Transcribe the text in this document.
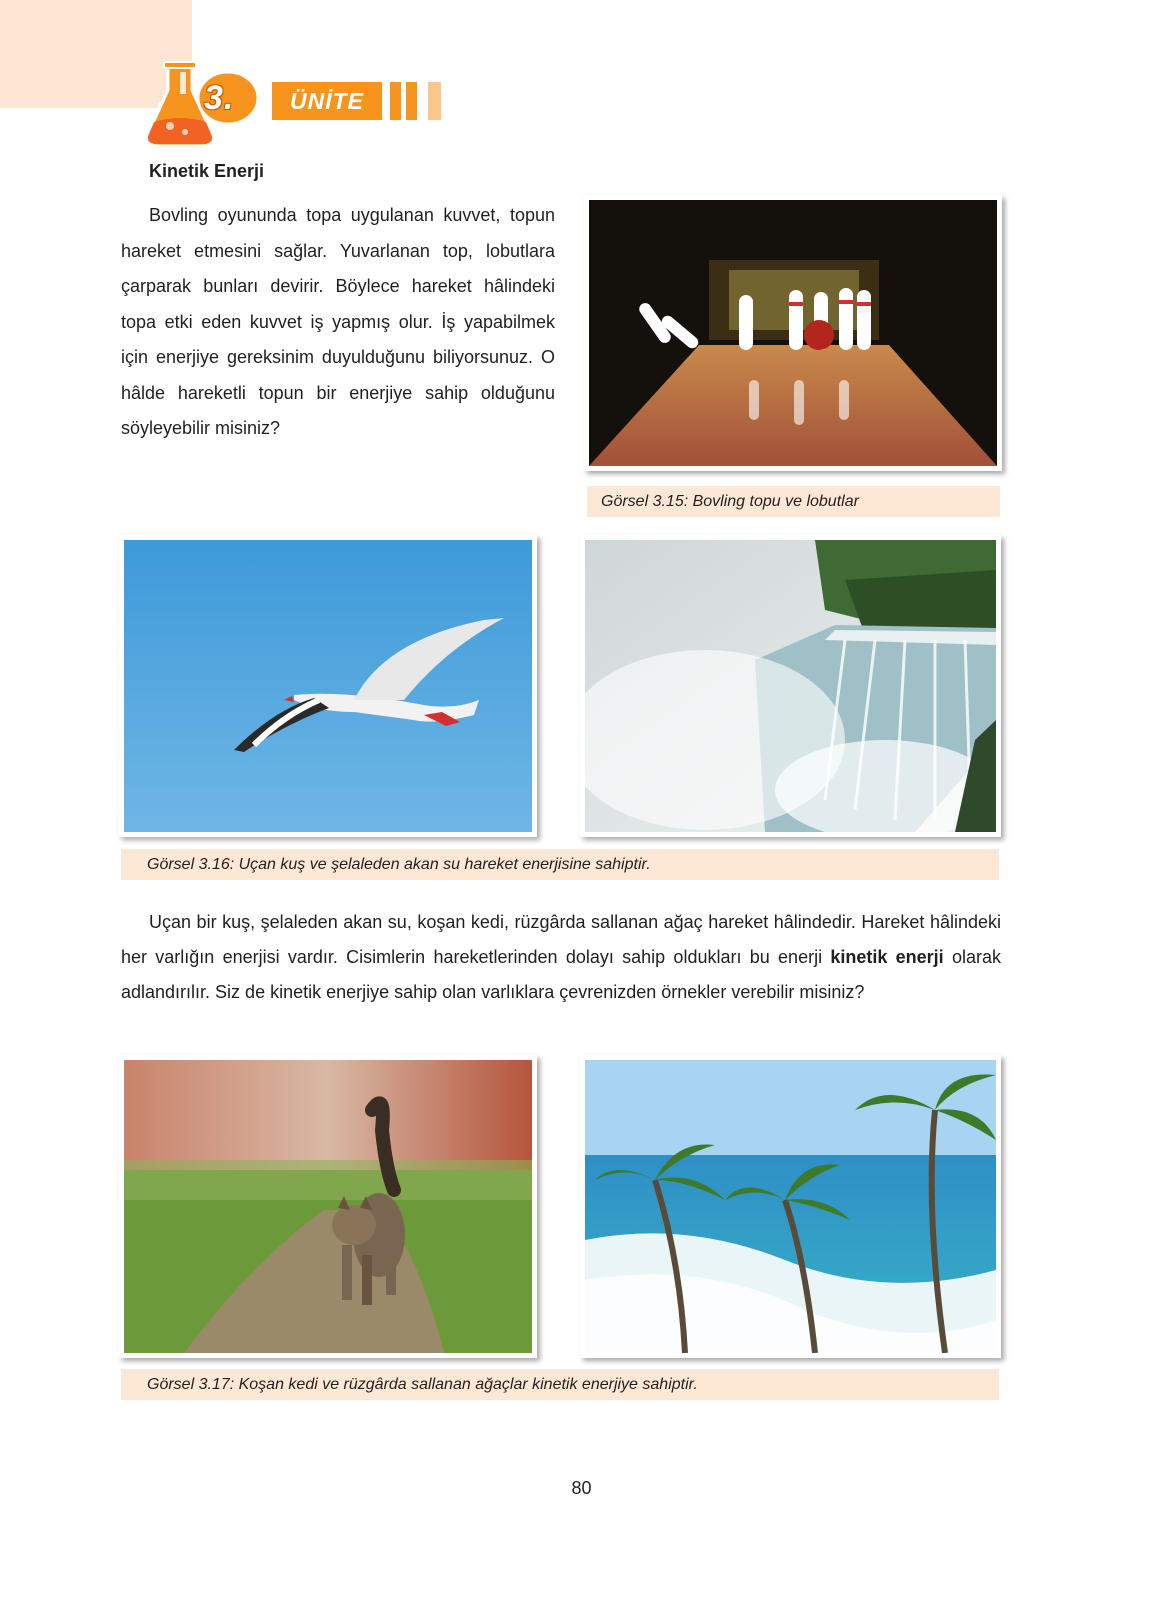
3.	ÜNİTE
Kinetik Enerji

Bovling oyununda topa uygulanan kuvvet, topun hareket etmesini sağlar. Yuvarlanan top, lobutlara çarparak bunları devirir. Böylece hareket hâlindeki topa etki eden kuvvet iş yapmış olur. İş yapabilmek için enerjiye gereksinim duyulduğunu biliyorsunuz. O hâlde hareketli topun bir enerjiye sahip olduğunu söyleyebilir misiniz?

Görsel 3.15: Bovling topu ve lobutlar
Görsel 3.16: Uçan kuş ve şelaleden akan su hareket enerjisine sahiptir.

Uçan bir kuş, şelaleden akan su, koşan kedi, rüzgârda sallanan ağaç hareket hâlindedir. Hareket hâlindeki her varlığın enerjisi vardır. Cisimlerin hareketlerinden dolayı sahip oldukları bu enerji kinetik enerji olarak adlandırılır. Siz de kinetik enerjiye sahip olan varlıklara çevrenizden örnekler verebilir misiniz?

Görsel 3.17: Koşan kedi ve rüzgârda sallanan ağaçlar kinetik enerjiye sahiptir.
80
